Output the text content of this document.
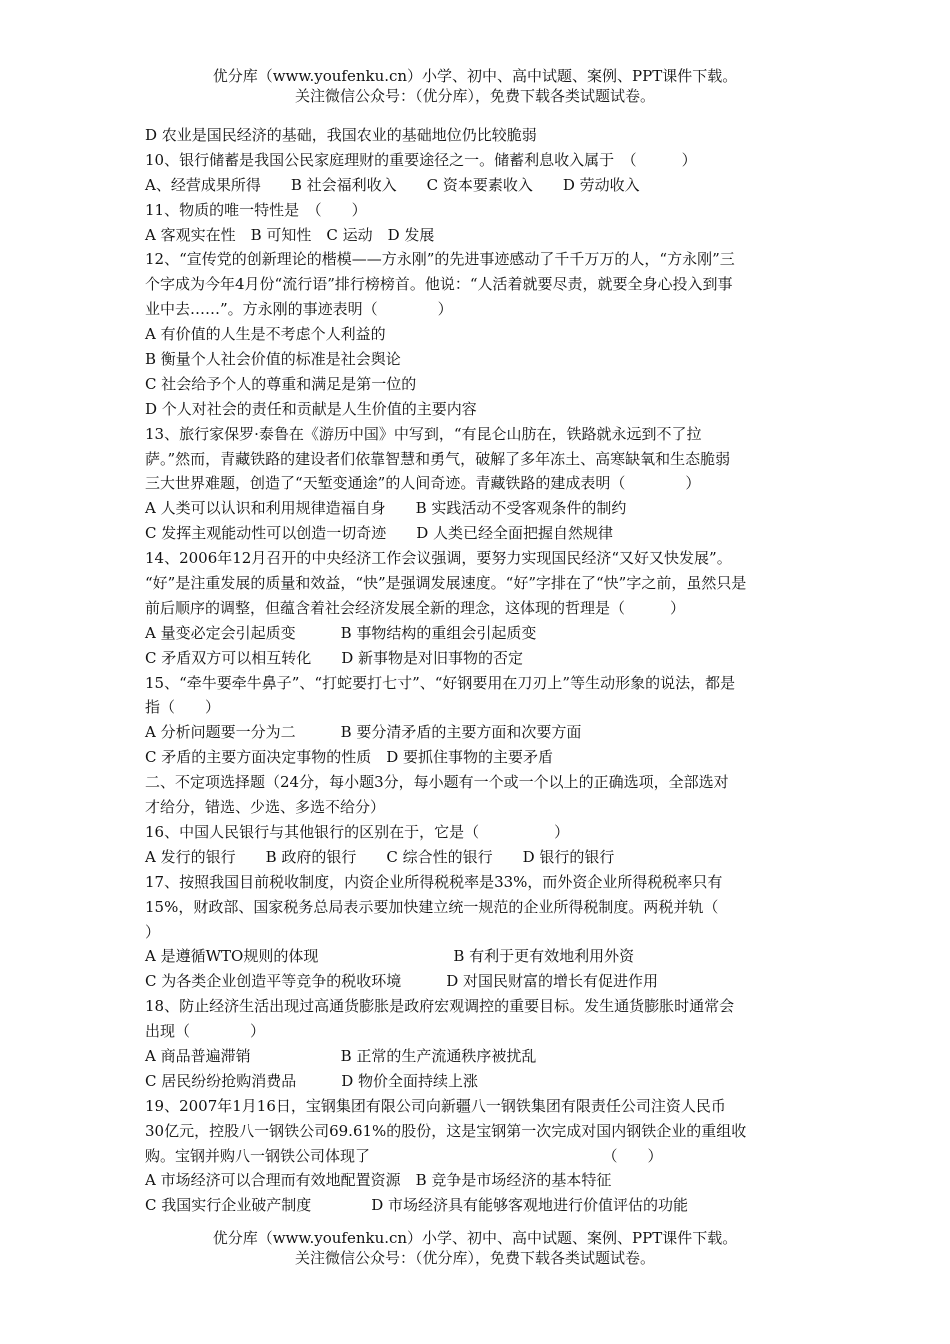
优分库（www.youfenku.cn）小学、初中、高中试题、案例、PPT课件下载。
关注微信公众号：（优分库），免费下载各类试题试卷。
D 农业是国民经济的基础，我国农业的基础地位仍比较脆弱
10、银行储蓄是我国公民家庭理财的重要途径之一。储蓄利息收入属于　（　　　）
A、经营成果所得　　B 社会福利收入　　C 资本要素收入　　D 劳动收入
11、物质的唯一特性是　（　　）
A 客观实在性　B 可知性　C 运动　D 发展
12、“宣传党的创新理论的楷模——方永刚”的先进事迹感动了千千万万的人，“方永刚”三
个字成为今年4月份“流行语”排行榜榜首。他说：“人活着就要尽责，就要全身心投入到事
业中去……”。方永刚的事迹表明（　　　　）
A 有价值的人生是不考虑个人利益的
B 衡量个人社会价值的标准是社会舆论
C 社会给予个人的尊重和满足是第一位的
D 个人对社会的责任和贡献是人生价值的主要内容
13、旅行家保罗·泰鲁在《游历中国》中写到，“有昆仑山肪在，铁路就永远到不了拉
萨。”然而，青藏铁路的建设者们依靠智慧和勇气，破解了多年冻土、高寒缺氧和生态脆弱
三大世界难题，创造了“天堑变通途”的人间奇迹。青藏铁路的建成表明（　　　　）
A 人类可以认识和利用规律造福自身　　B 实践活动不受客观条件的制约
C 发挥主观能动性可以创造一切奇迹　　D 人类已经全面把握自然规律
14、2006年12月召开的中央经济工作会议强调，要努力实现国民经济“又好又快发展”。
“好”是注重发展的质量和效益，“快”是强调发展速度。“好”字排在了“快”字之前，虽然只是
前后顺序的调整，但蕴含着社会经济发展全新的理念，这体现的哲理是（　　　）
A 量变必定会引起质变　　　B 事物结构的重组会引起质变
C 矛盾双方可以相互转化　　D 新事物是对旧事物的否定
15、“牵牛要牵牛鼻子”、“打蛇要打七寸”、“好钢要用在刀刃上”等生动形象的说法，都是
指（　　）
A 分析问题要一分为二　　　B 要分清矛盾的主要方面和次要方面
C 矛盾的主要方面决定事物的性质　D 要抓住事物的主要矛盾
二、不定项选择题（24分，每小题3分，每小题有一个或一个以上的正确选项，全部选对
才给分，错选、少选、多选不给分）
16、中国人民银行与其他银行的区别在于，它是（　　　　　）
A 发行的银行　　B 政府的银行　　C 综合性的银行　　D 银行的银行
17、按照我国目前税收制度，内资企业所得税税率是33%，而外资企业所得税税率只有
15%，财政部、国家税务总局表示要加快建立统一规范的企业所得税制度。两税并轨（
）
A 是遵循WTO规则的体现　　　　　　　　　B 有利于更有效地利用外资
C 为各类企业创造平等竞争的税收环境　　　D 对国民财富的增长有促进作用
18、防止经济生活出现过高通货膨胀是政府宏观调控的重要目标。发生通货膨胀时通常会
出现（　　　　）
A 商品普遍滞销　　　　　　B 正常的生产流通秩序被扰乱
C 居民纷纷抢购消费品　　　D 物价全面持续上涨
19、2007年1月16日，宝钢集团有限公司向新疆八一钢铁集团有限责任公司注资人民币
30亿元，控股八一钢铁公司69.61%的股份，这是宝钢第一次完成对国内钢铁企业的重组收
购。宝钢并购八一钢铁公司体现了　　　　　　　　　　　　　　　　（　　）
A 市场经济可以合理而有效地配置资源　B 竞争是市场经济的基本特征
C 我国实行企业破产制度　　　　D 市场经济具有能够客观地进行价值评估的功能
优分库（www.youfenku.cn）小学、初中、高中试题、案例、PPT课件下载。
关注微信公众号：（优分库），免费下载各类试题试卷。
